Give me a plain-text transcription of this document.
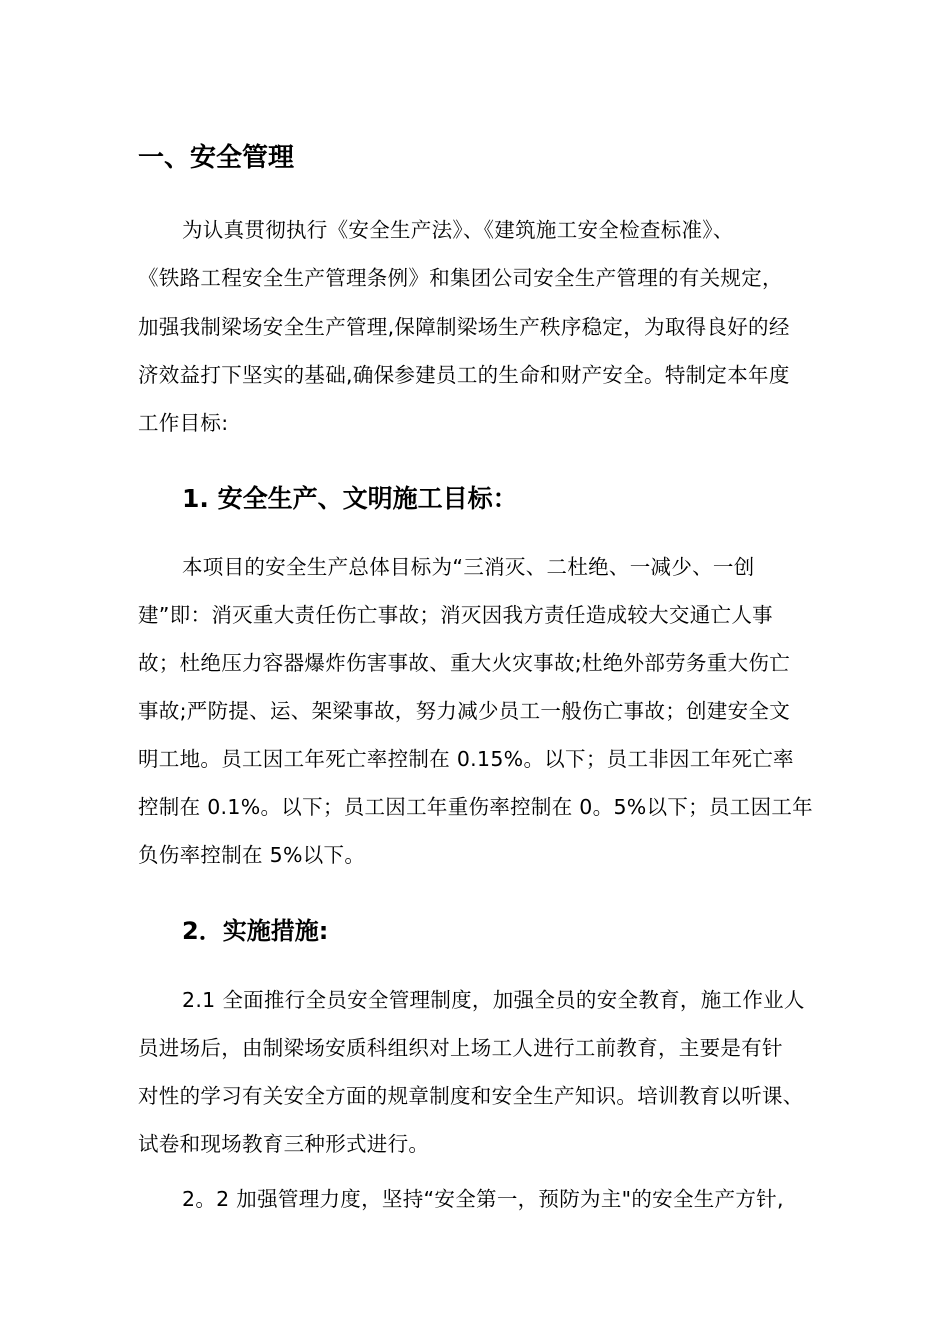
一、安全管理
为认真贯彻执行《安全生产法》、《建筑施工安全检查标准》、
《铁路工程安全生产管理条例》和集团公司安全生产管理的有关规定，
加强我制梁场安全生产管理,保障制梁场生产秩序稳定，为取得良好的经
济效益打下坚实的基础,确保参建员工的生命和财产安全。特制定本年度
工作目标:
1. 安全生产、文明施工目标：
本项目的安全生产总体目标为“三消灭、二杜绝、一减少、一创
建”即：消灭重大责任伤亡事故；消灭因我方责任造成较大交通亡人事
故；杜绝压力容器爆炸伤害事故、重大火灾事故;杜绝外部劳务重大伤亡
事故;严防提、运、架梁事故，努力减少员工一般伤亡事故；创建安全文
明工地。员工因工年死亡率控制在 0.15%。以下；员工非因工年死亡率
控制在 0.1%。以下；员工因工年重伤率控制在 0。5%以下；员工因工年
负伤率控制在 5%以下。
2．实施措施:
2.1 全面推行全员安全管理制度，加强全员的安全教育，施工作业人
员进场后，由制梁场安质科组织对上场工人进行工前教育，主要是有针
对性的学习有关安全方面的规章制度和安全生产知识。培训教育以听课、
试卷和现场教育三种形式进行。
2。2 加强管理力度，坚持“安全第一，预防为主"的安全生产方针,
